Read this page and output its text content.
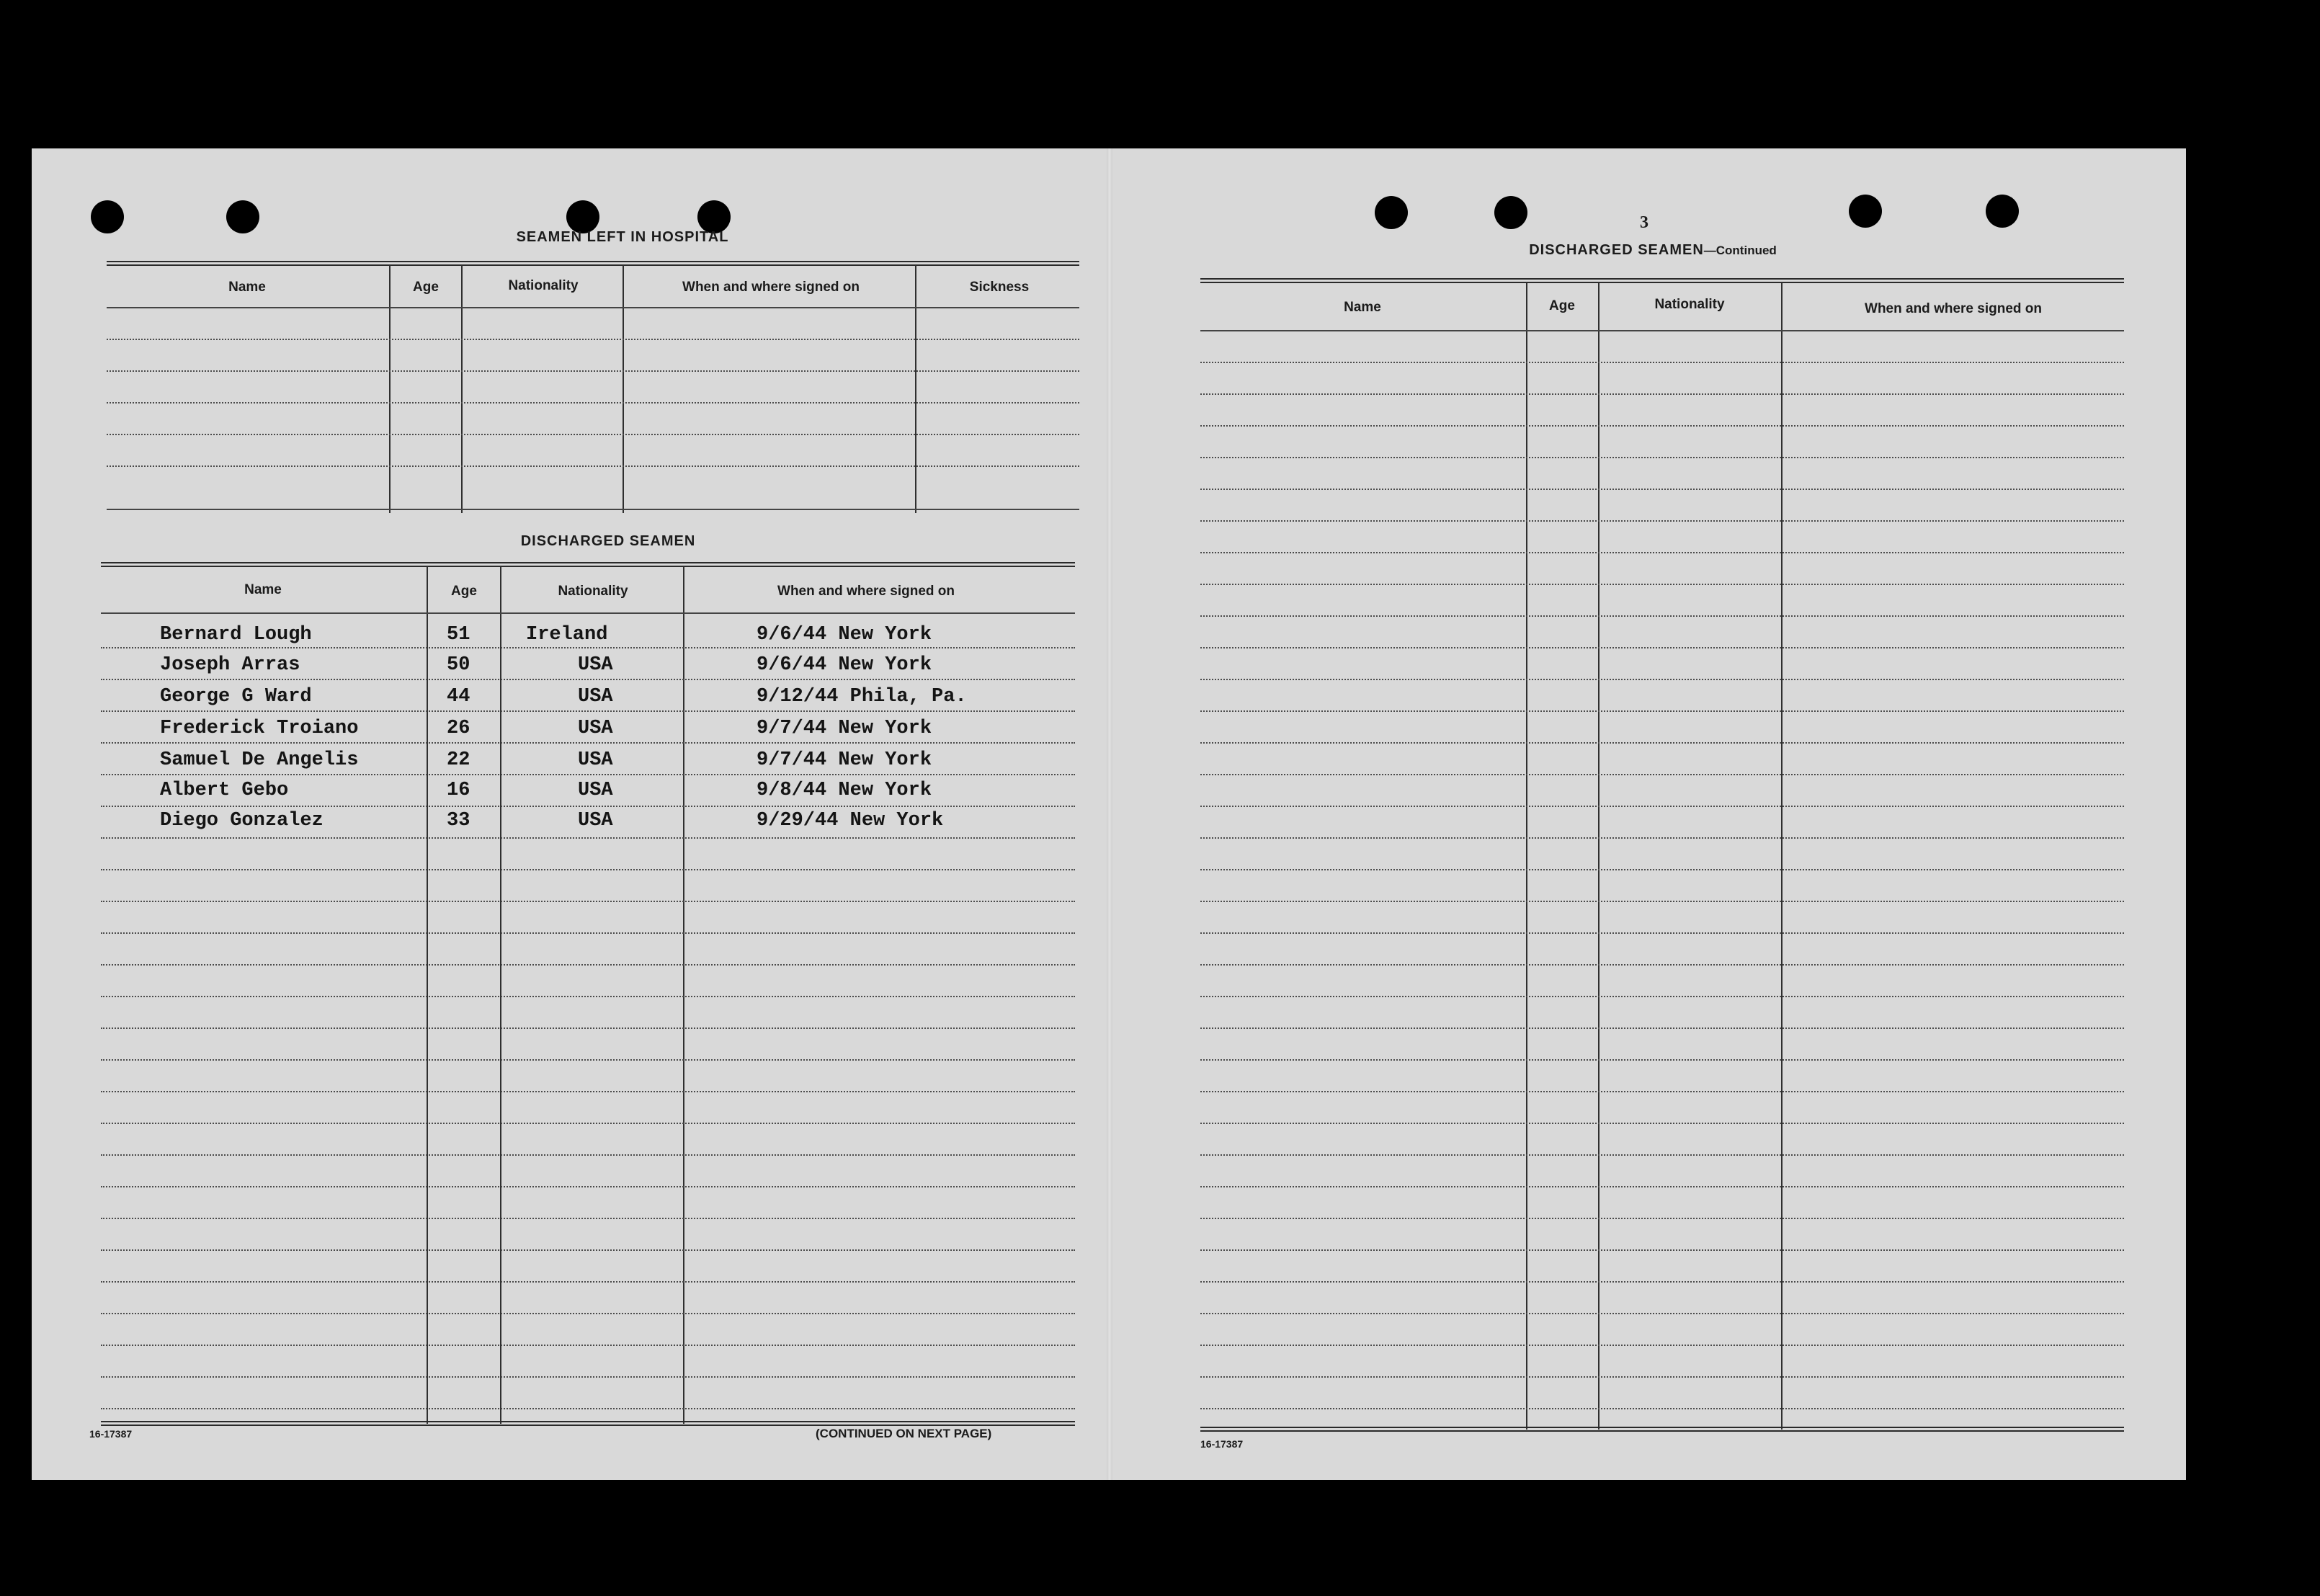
SEAMEN LEFT IN HOSPITAL
Name	Age	Nationality	When and where signed on	Sickness
DISCHARGED SEAMEN
Name	Age	Nationality	When and where signed on
Bernard Lough	51	Ireland	9/6/44 New York
Joseph Arras	50	USA	9/6/44 New York
George G Ward	44	USA	9/12/44 Phila, Pa.
Frederick Troiano	26	USA	9/7/44 New York
Samuel De Angelis	22	USA	9/7/44 New York
Albert Gebo	16	USA	9/8/44 New York
Diego Gonzalez	33	USA	9/29/44 New York
16-17387	(CONTINUED ON NEXT PAGE)
3
DISCHARGED SEAMEN—Continued
Name	Age	Nationality	When and where signed on
16-17387
